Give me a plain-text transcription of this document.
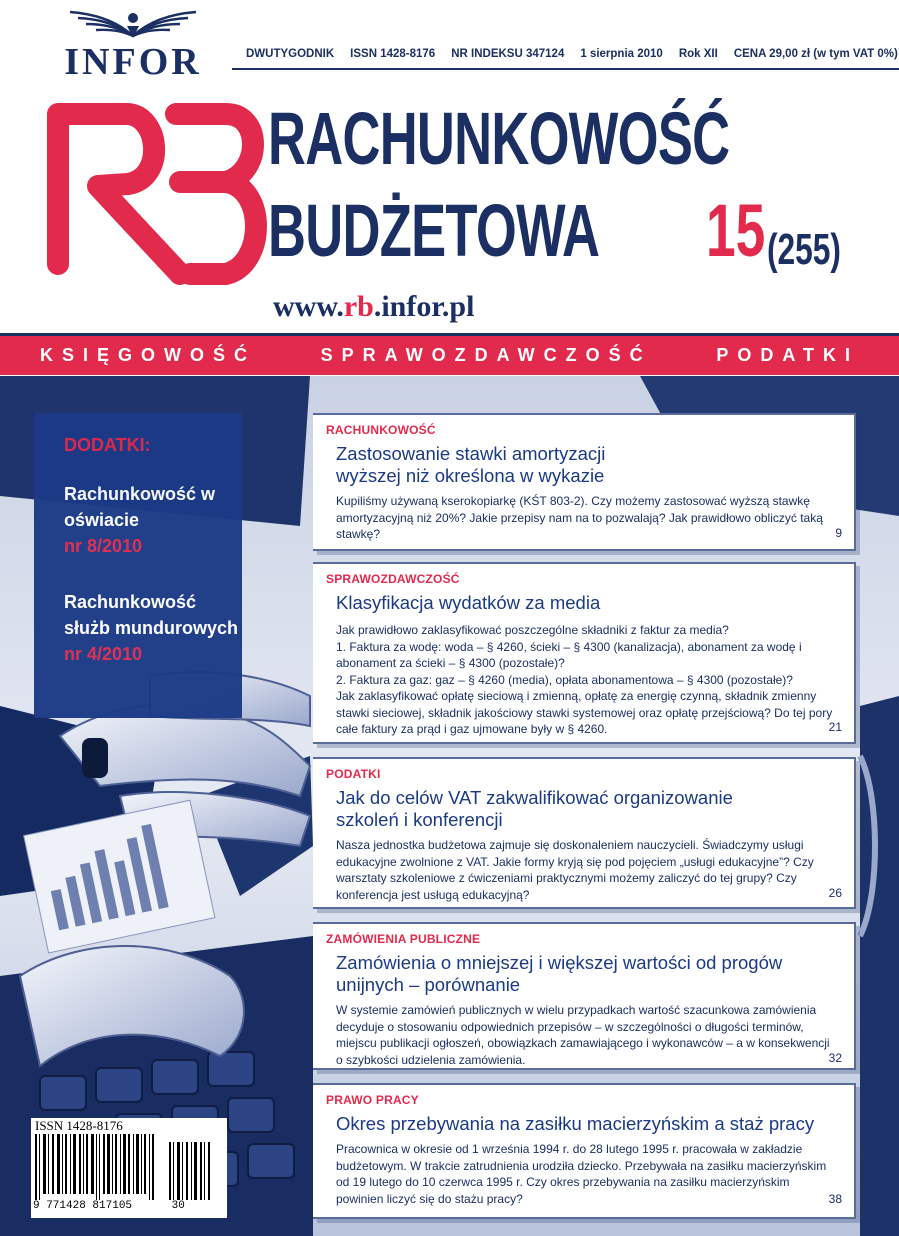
INFOR	DWUTYGODNIK ISSN 1428-8176 NR INDEKSU 347124 1 sierpnia 2010 Rok XII CENA 29,00 zł (w tym VAT 0%)
RACHUNKOWOŚĆ
BUDŻETOWA 15 (255)
www.rb.infor.pl
KSIĘGOWOŚĆ	SPRAWOZDAWCZOŚĆ	PODATKI
DODATKI:
Rachunkowość w oświacie
nr 8/2010
Rachunkowość służb mundurowych
nr 4/2010
RACHUNKOWOŚĆ
Zastosowanie stawki amortyzacji wyższej niż określona w wykazie
Kupiliśmy używaną kserokopiarkę (KŚT 803-2). Czy możemy zastosować wyższą stawkę amortyzacyjną niż 20%? Jakie przepisy nam na to pozwalają? Jak prawidłowo obliczyć taką stawkę?	9
SPRAWOZDAWCZOŚĆ
Klasyfikacja wydatków za media
Jak prawidłowo zaklasyfikować poszczególne składniki z faktur za media?
1. Faktura za wodę: woda – § 4260, ścieki – § 4300 (kanalizacja), abonament za wodę i abonament za ścieki – § 4300 (pozostałe)?
2. Faktura za gaz: gaz – § 4260 (media), opłata abonamentowa – § 4300 (pozostałe)?
Jak zaklasyfikować opłatę sieciową i zmienną, opłatę za energię czynną, składnik zmienny stawki sieciowej, składnik jakościowy stawki systemowej oraz opłatę przejściową? Do tej pory całe faktury za prąd i gaz ujmowane były w § 4260.	21
PODATKI
Jak do celów VAT zakwalifikować organizowanie szkoleń i konferencji
Nasza jednostka budżetowa zajmuje się doskonaleniem nauczycieli. Świadczymy usługi edukacyjne zwolnione z VAT. Jakie formy kryją się pod pojęciem „usługi edukacyjne”? Czy warsztaty szkoleniowe z ćwiczeniami praktycznymi możemy zaliczyć do tej grupy? Czy konferencja jest usługą edukacyjną?	26
ZAMÓWIENIA PUBLICZNE
Zamówienia o mniejszej i większej wartości od progów unijnych – porównanie
W systemie zamówień publicznych w wielu przypadkach wartość szacunkowa zamówienia decyduje o stosowaniu odpowiednich przepisów – w szczególności o długości terminów, miejscu publikacji ogłoszeń, obowiązkach zamawiającego i wykonawców – a w konsekwencji o szybkości udzielenia zamówienia.	32
PRAWO PRACY
Okres przebywania na zasiłku macierzyńskim a staż pracy
Pracownica w okresie od 1 września 1994 r. do 28 lutego 1995 r. pracowała w zakładzie budżetowym. W trakcie zatrudnienia urodziła dziecko. Przebywała na zasiłku macierzyńskim od 19 lutego do 10 czerwca 1995 r. Czy okres przebywania na zasiłku macierzyńskim powinien liczyć się do stażu pracy?	38
ISSN 1428-8176
9 771428 817105	30
